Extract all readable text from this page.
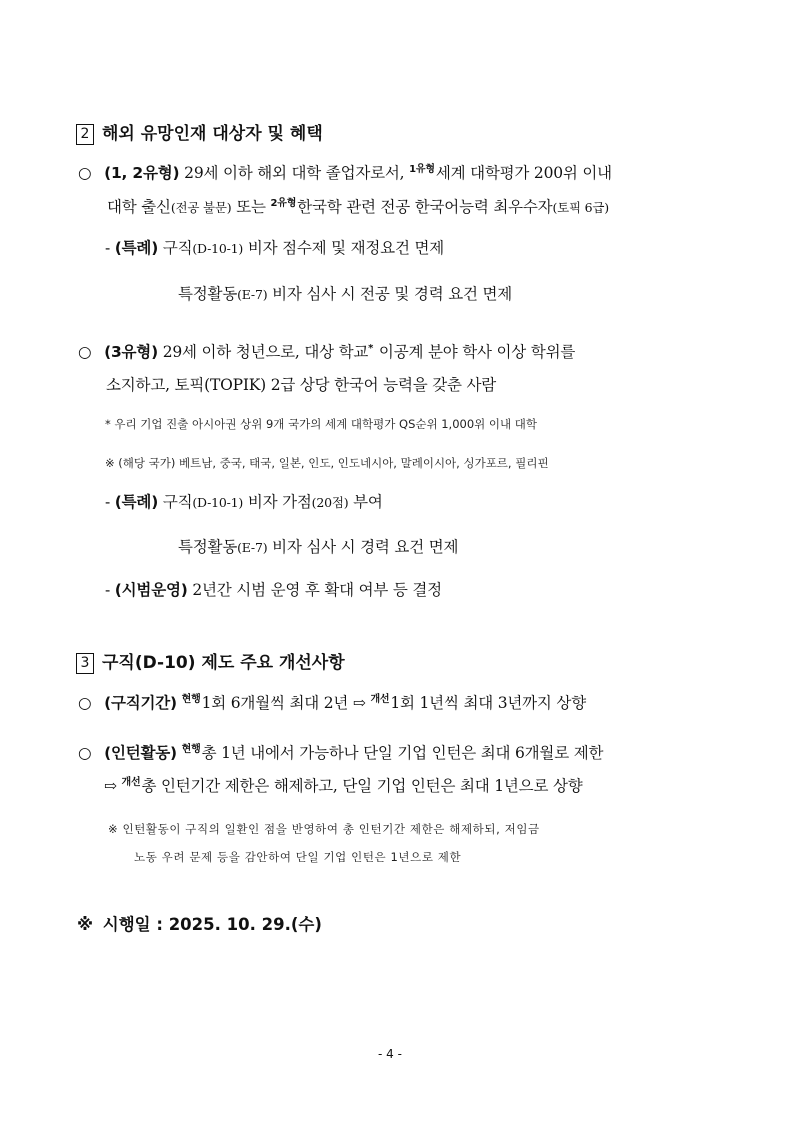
2 해외 유망인재 대상자 및 혜택
○ (1, 2유형) 29세 이하 해외 대학 졸업자로서, $^{1유형}$세계 대학평가 200위 이내
대학 출신(전공 불문) 또는 $^{2유형}$한국학 관련 전공 한국어능력 최우수자(토픽 6급)
- (특례) 구직(D-10-1) 비자 점수제 및 재정요건 면제
특정활동(E-7) 비자 심사 시 전공 및 경력 요건 면제
○ (3유형) 29세 이하 청년으로, 대상 학교* 이공계 분야 학사 이상 학위를
소지하고, 토픽(TOPIK) 2급 상당 한국어 능력을 갖춘 사람
* 우리 기업 진출 아시아권 상위 9개 국가의 세계 대학평가 QS순위 1,000위 이내 대학
※ (해당 국가) 베트남, 중국, 태국, 일본, 인도, 인도네시아, 말레이시아, 싱가포르, 필리핀
- (특례) 구직(D-10-1) 비자 가점(20점) 부여
특정활동(E-7) 비자 심사 시 경력 요건 면제
- (시범운영) 2년간 시범 운영 후 확대 여부 등 결정
3 구직(D-10) 제도 주요 개선사항
○ (구직기간) $^{현행}$1회 6개월씩 최대 2년 ⇨ $^{개선}$1회 1년씩 최대 3년까지 상향
○ (인턴활동) $^{현행}$총 1년 내에서 가능하나 단일 기업 인턴은 최대 6개월로 제한
⇨ $^{개선}$총 인턴기간 제한은 해제하고, 단일 기업 인턴은 최대 1년으로 상향
※ 인턴활동이 구직의 일환인 점을 반영하여 총 인턴기간 제한은 해제하되, 저임금
노동 우려 문제 등을 감안하여 단일 기업 인턴은 1년으로 제한
※ 시행일 : 2025. 10. 29.(수)
- 4 -
